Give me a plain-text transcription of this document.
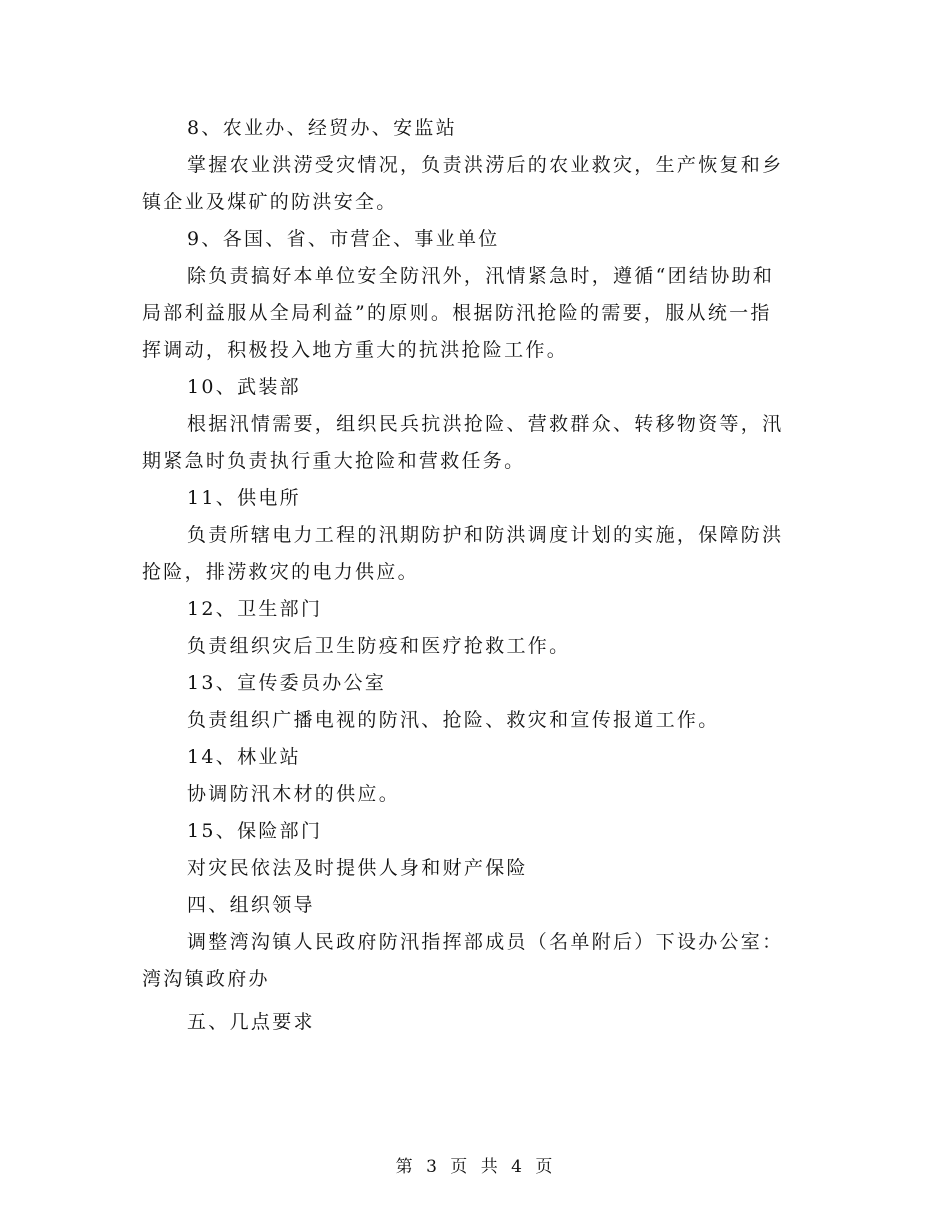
8、农业办、经贸办、安监站
掌握农业洪涝受灾情况，负责洪涝后的农业救灾，生产恢复和乡
镇企业及煤矿的防洪安全。
9、各国、省、市营企、事业单位
除负责搞好本单位安全防汛外，汛情紧急时，遵循“团结协助和
局部利益服从全局利益”的原则。根据防汛抢险的需要，服从统一指
挥调动，积极投入地方重大的抗洪抢险工作。
10、武装部
根据汛情需要，组织民兵抗洪抢险、营救群众、转移物资等，汛
期紧急时负责执行重大抢险和营救任务。
11、供电所
负责所辖电力工程的汛期防护和防洪调度计划的实施，保障防洪
抢险，排涝救灾的电力供应。
12、卫生部门
负责组织灾后卫生防疫和医疗抢救工作。
13、宣传委员办公室
负责组织广播电视的防汛、抢险、救灾和宣传报道工作。
14、林业站
协调防汛木材的供应。
15、保险部门
对灾民依法及时提供人身和财产保险
四、组织领导
调整湾沟镇人民政府防汛指挥部成员（名单附后）下设办公室：
湾沟镇政府办
五、几点要求
第 3 页 共 4 页
